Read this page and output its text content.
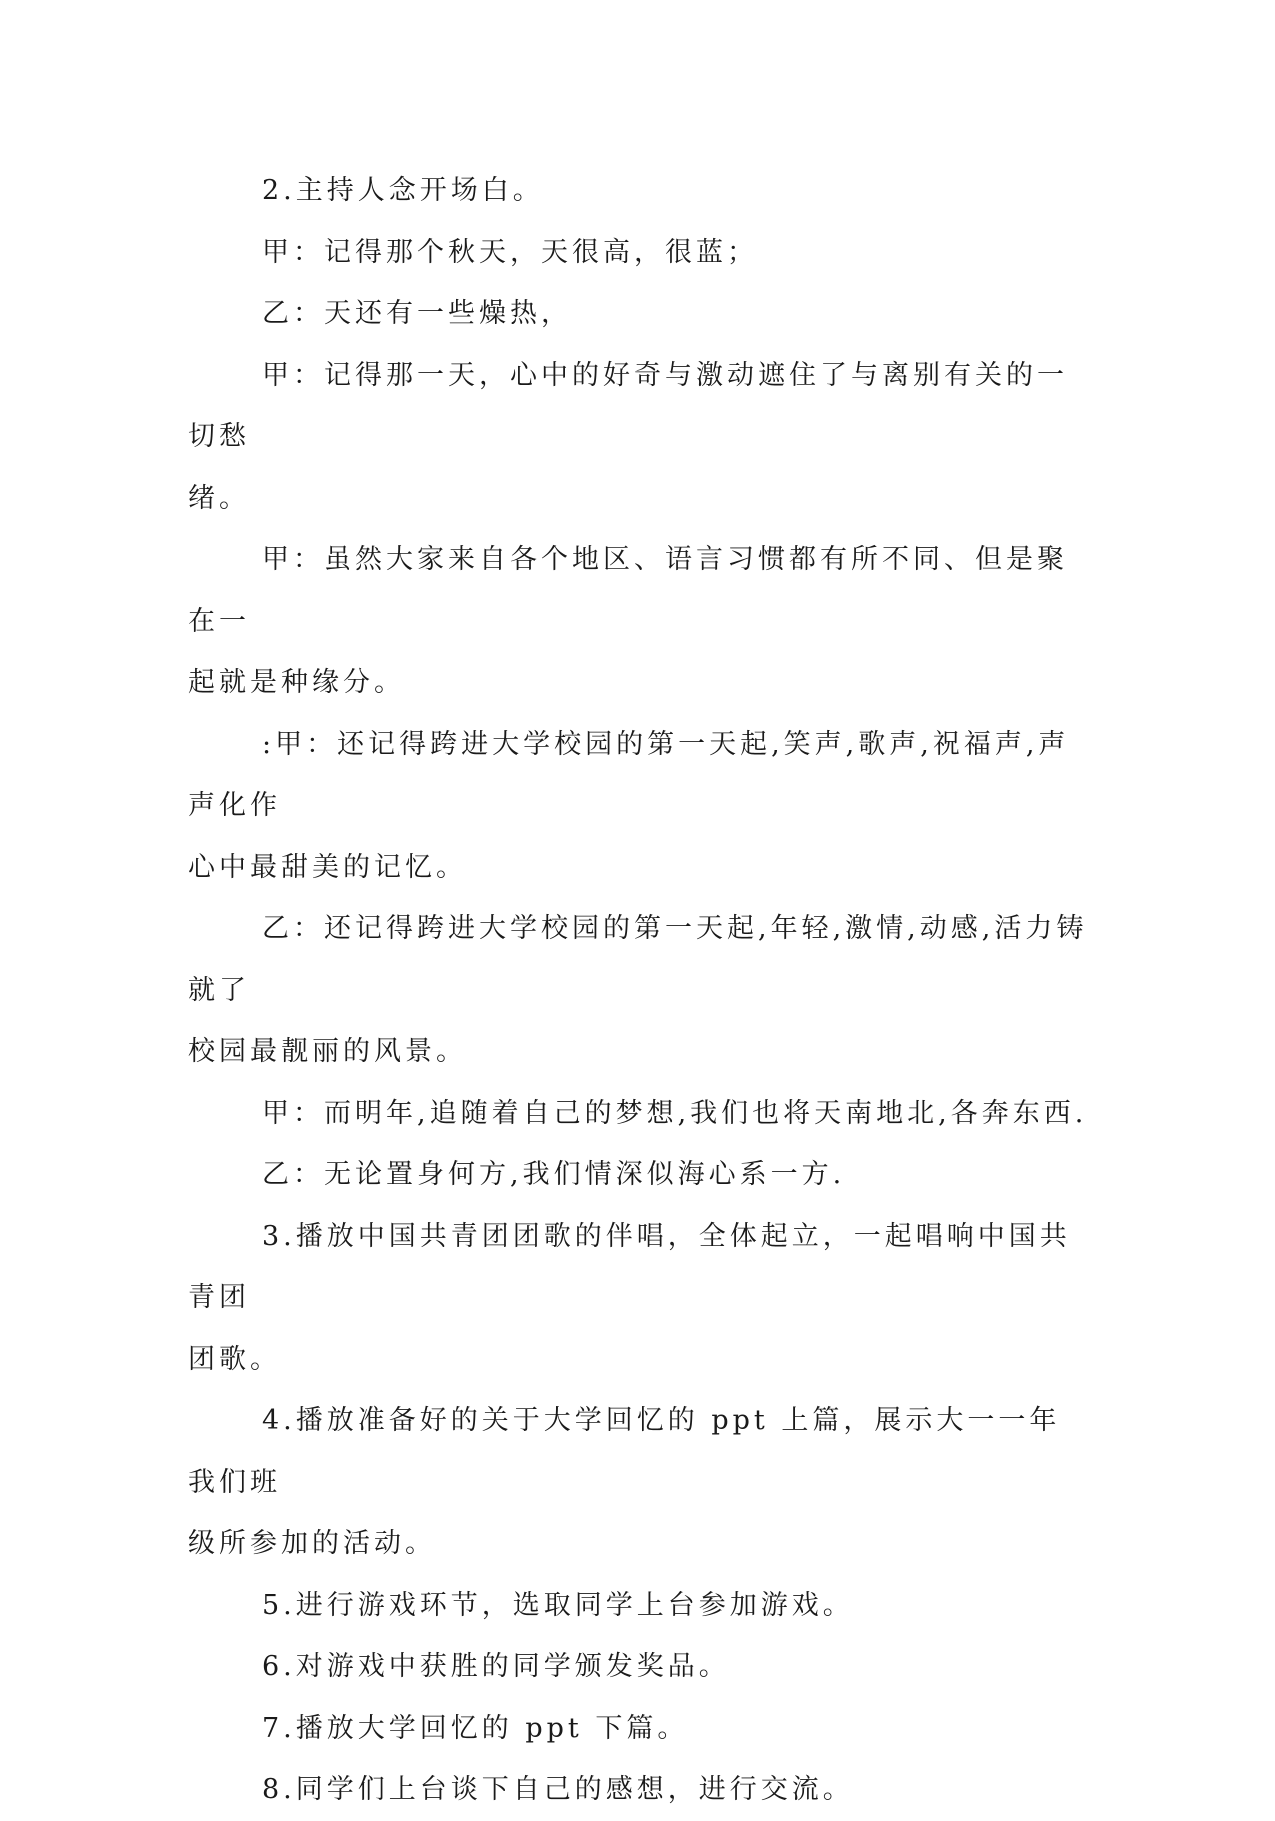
2.主持人念开场白。

甲：记得那个秋天，天很高，很蓝；

乙：天还有一些燥热，

甲：记得那一天，心中的好奇与激动遮住了与离别有关的一切愁
绪。

甲：虽然大家来自各个地区、语言习惯都有所不同、但是聚在一
起就是种缘分。

:甲：还记得跨进大学校园的第一天起,笑声,歌声,祝福声,声声化作
心中最甜美的记忆。

乙：还记得跨进大学校园的第一天起,年轻,激情,动感,活力铸就了
校园最靓丽的风景。

甲：而明年,追随着自己的梦想,我们也将天南地北,各奔东西.

乙：无论置身何方,我们情深似海心系一方.

3.播放中国共青团团歌的伴唱，全体起立，一起唱响中国共青团
团歌。

4.播放准备好的关于大学回忆的 ppt 上篇，展示大一一年我们班
级所参加的活动。

5.进行游戏环节，选取同学上台参加游戏。

6.对游戏中获胜的同学颁发奖品。

7.播放大学回忆的 ppt 下篇。

8.同学们上台谈下自己的感想，进行交流。
